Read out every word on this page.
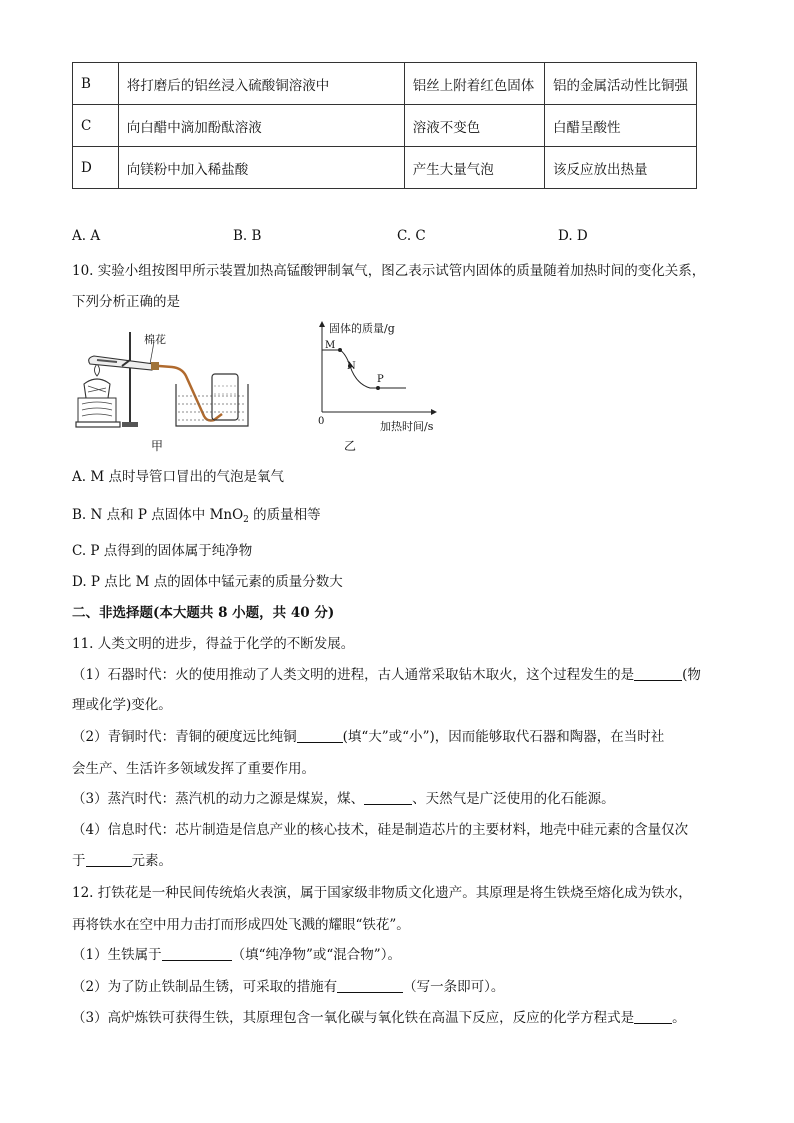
B	将打磨后的铝丝浸入硫酸铜溶液中	铝丝上附着红色固体	铝的金属活动性比铜强
C	向白醋中滴加酚酞溶液	溶液不变色	白醋呈酸性
D	向镁粉中加入稀盐酸	产生大量气泡	该反应放出热量
A. A	B. B	C. C	D. D
10. 实验小组按图甲所示装置加热高锰酸钾制氧气，图乙表示试管内固体的质量随着加热时间的变化关系，
下列分析正确的是
棉花
甲
固体的质量/g
M
N
P
0	加热时间/s
乙
A. M 点时导管口冒出的气泡是氧气
B. N 点和 P 点固体中 MnO$_2$ 的质量相等
C. P 点得到的固体属于纯净物
D. P 点比 M 点的固体中锰元素的质量分数大
二、非选择题(本大题共 8 小题，共 40 分)
11. 人类文明的进步，得益于化学的不断发展。
（1）石器时代：火的使用推动了人类文明的进程，古人通常采取钻木取火，这个过程发生的是	(物
理或化学)变化。
（2）青铜时代：青铜的硬度远比纯铜	(填“大”或“小”)，因而能够取代石器和陶器，在当时社
会生产、生活许多领域发挥了重要作用。
（3）蒸汽时代：蒸汽机的动力之源是煤炭，煤、	、天然气是广泛使用的化石能源。
（4）信息时代：芯片制造是信息产业的核心技术，硅是制造芯片的主要材料，地壳中硅元素的含量仅次
于	元素。
12. 打铁花是一种民间传统焰火表演，属于国家级非物质文化遗产。其原理是将生铁烧至熔化成为铁水，
再将铁水在空中用力击打而形成四处飞溅的耀眼“铁花”。
（1）生铁属于	（填“纯净物”或“混合物”）。
（2）为了防止铁制品生锈，可采取的措施有	（写一条即可）。
（3）高炉炼铁可获得生铁，其原理包含一氧化碳与氧化铁在高温下反应，反应的化学方程式是	。
